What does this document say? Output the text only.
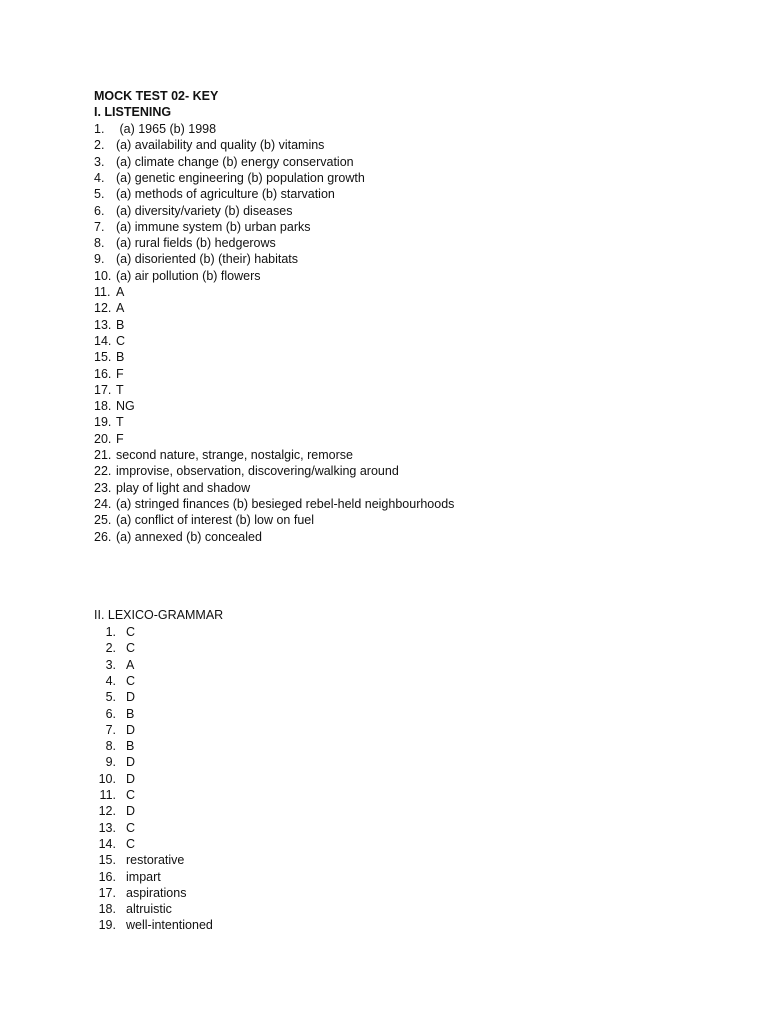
MOCK TEST 02- KEY
I. LISTENING
1. (a) 1965 (b) 1998
2. (a) availability and quality (b) vitamins
3. (a) climate change (b) energy conservation
4. (a) genetic engineering (b) population growth
5. (a) methods of agriculture (b) starvation
6. (a) diversity/variety (b) diseases
7. (a) immune system (b) urban parks
8. (a) rural fields (b) hedgerows
9. (a) disoriented (b) (their) habitats
10. (a) air pollution (b) flowers
11. A
12. A
13. B
14. C
15. B
16. F
17. T
18. NG
19. T
20. F
21. second nature, strange, nostalgic, remorse
22. improvise, observation, discovering/walking around
23. play of light and shadow
24. (a) stringed finances (b) besieged rebel-held neighbourhoods
25. (a) conflict of interest (b) low on fuel
26. (a) annexed (b) concealed
II. LEXICO-GRAMMAR
1. C
2. C
3. A
4. C
5. D
6. B
7. D
8. B
9. D
10. D
11. C
12. D
13. C
14. C
15. restorative
16. impart
17. aspirations
18. altruistic
19. well-intentioned
